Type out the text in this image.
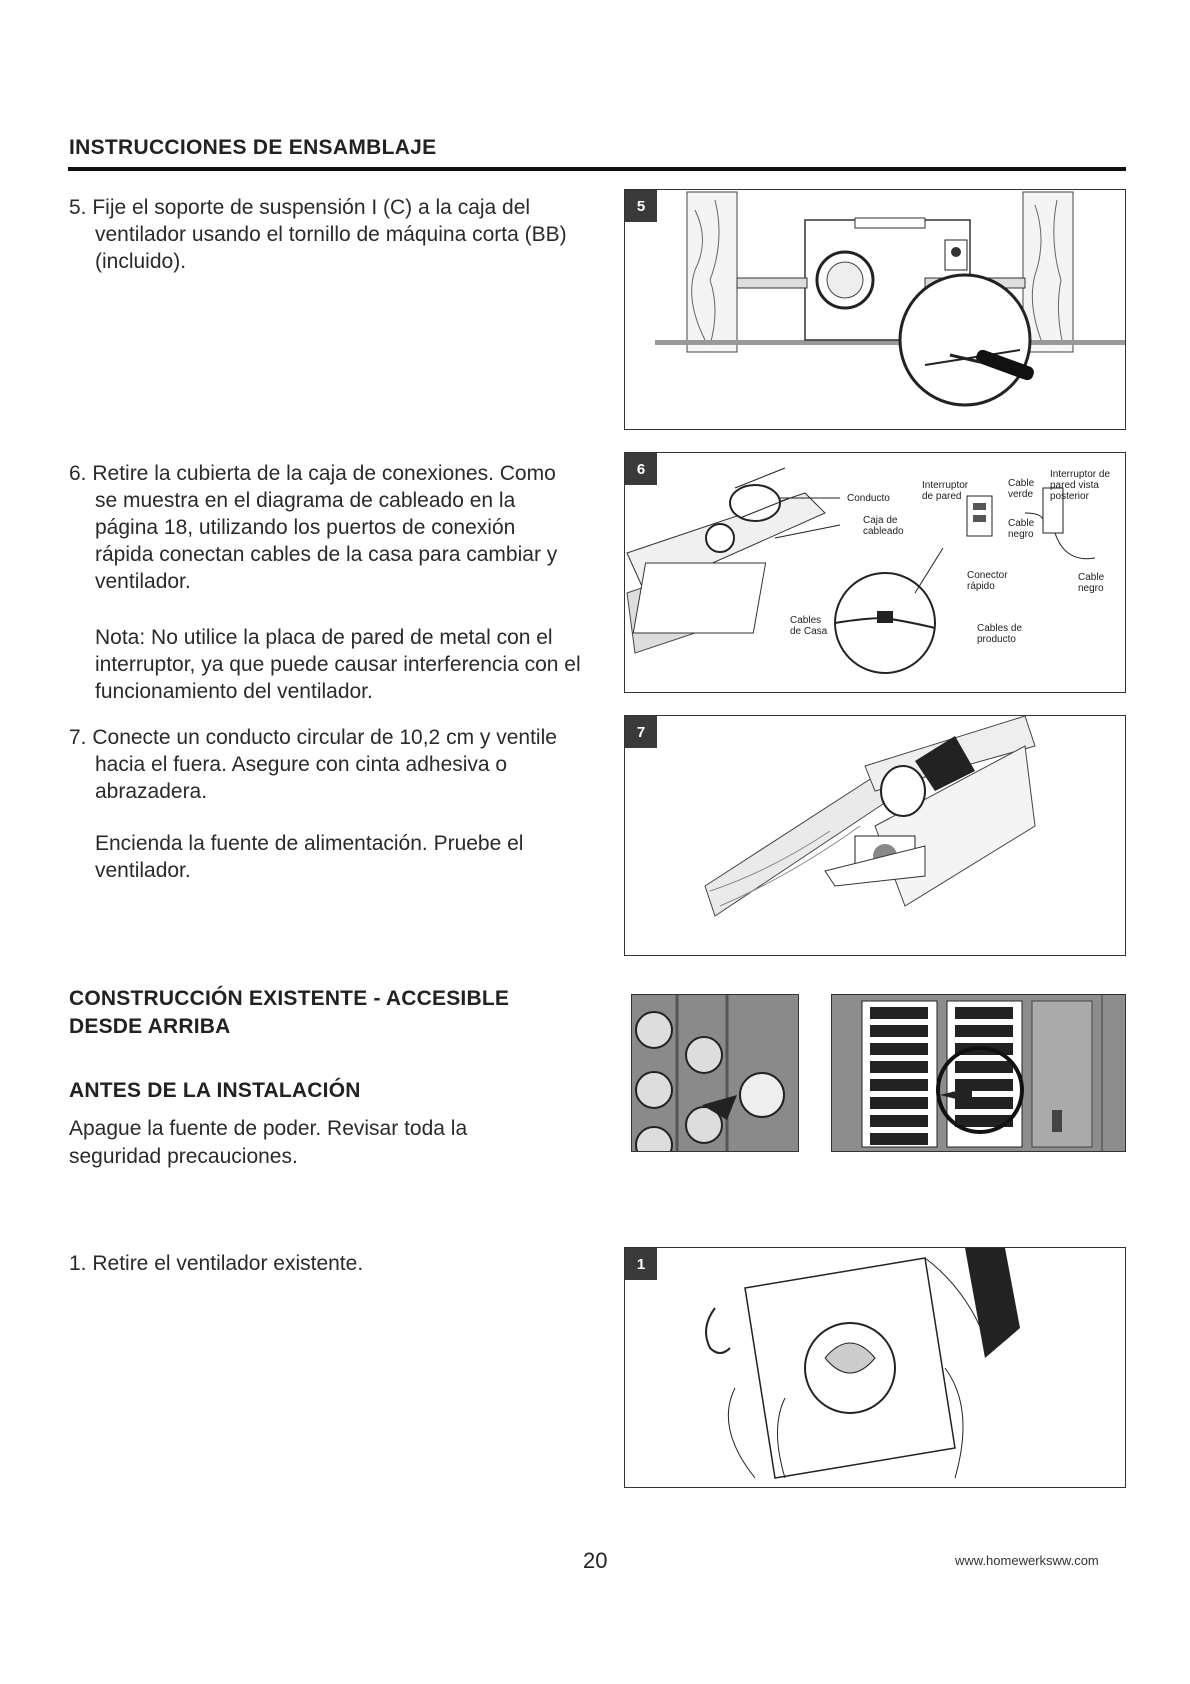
INSTRUCCIONES DE ENSAMBLAJE
5. Fije el soporte de suspensión I (C) a la caja del ventilador usando el tornillo de máquina corta (BB) (incluido).
6. Retire la cubierta de la caja de conexiones. Como se muestra en el diagrama de cableado en la página 18, utilizando los puertos de conexión rápida conectan cables de la casa para cambiar y ventilador.
Nota: No utilice la placa de pared de metal con el interruptor, ya que puede causar interferencia con el funcionamiento del ventilador.
7. Conecte un conducto circular de 10,2 cm y ventile hacia el fuera. Asegure con cinta adhesiva o abrazadera.
Encienda la fuente de alimentación. Pruebe el ventilador.
CONSTRUCCIÓN EXISTENTE - ACCESIBLE DESDE ARRIBA
ANTES DE LA INSTALACIÓN
Apague la fuente de poder. Revisar toda la seguridad precauciones.
1. Retire el ventilador existente.
5
Conducto
Caja de
cableado
Interruptor
de pared
Cable
verde
Interruptor de
pared vista
posterior
Cable
negro
Conector
rápido
Cable
negro
Cables
de Casa	Cables de
producto
6
7
1
20	www.homewerksww.com
